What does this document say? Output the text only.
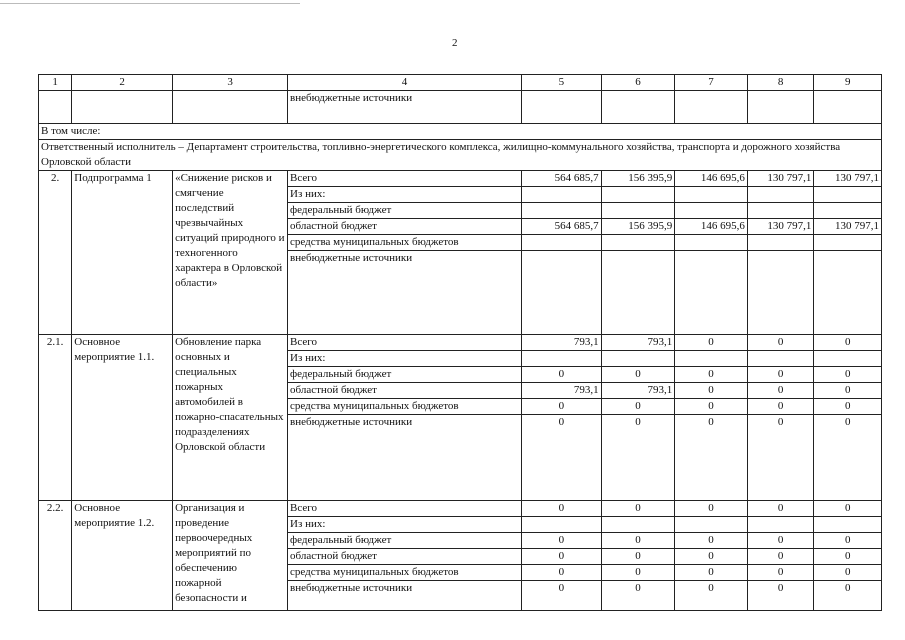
2
1	2	3	4	5	6	7	8	9
			внебюджетные источники					
В том числе:								
Ответственный исполнитель – Департамент строительства, топливно-энергетического комплекса, жилищно-коммунального хозяйства, транспорта и дорожного хозяйства Орловской области								
2.	Подпрограмма 1	«Снижение рисков и смягчение последствий чрезвычайных ситуаций природного и техногенного характера в Орловской области»	Всего	564 685,7	156 395,9	146 695,6	130 797,1	130 797,1
			Из них:					
			федеральный бюджет					
			областной бюджет	564 685,7	156 395,9	146 695,6	130 797,1	130 797,1
			средства муниципальных бюджетов					
			внебюджетные источники					
2.1.	Основное мероприятие 1.1.	Обновление парка основных и специальных пожарных автомобилей в пожарно-спасательных подразделениях Орловской области	Всего	793,1	793,1	0	0	0
			Из них:					
			федеральный бюджет	0	0	0	0	0
			областной бюджет	793,1	793,1	0	0	0
			средства муниципальных бюджетов	0	0	0	0	0
			внебюджетные источники	0	0	0	0	0
2.2.	Основное мероприятие 1.2.	Организация и проведение первоочередных мероприятий по обеспечению пожарной безопасности и	Всего	0	0	0	0	0
			Из них:					
			федеральный бюджет	0	0	0	0	0
			областной бюджет	0	0	0	0	0
			средства муниципальных бюджетов	0	0	0	0	0
			внебюджетные источники	0	0	0	0	0
